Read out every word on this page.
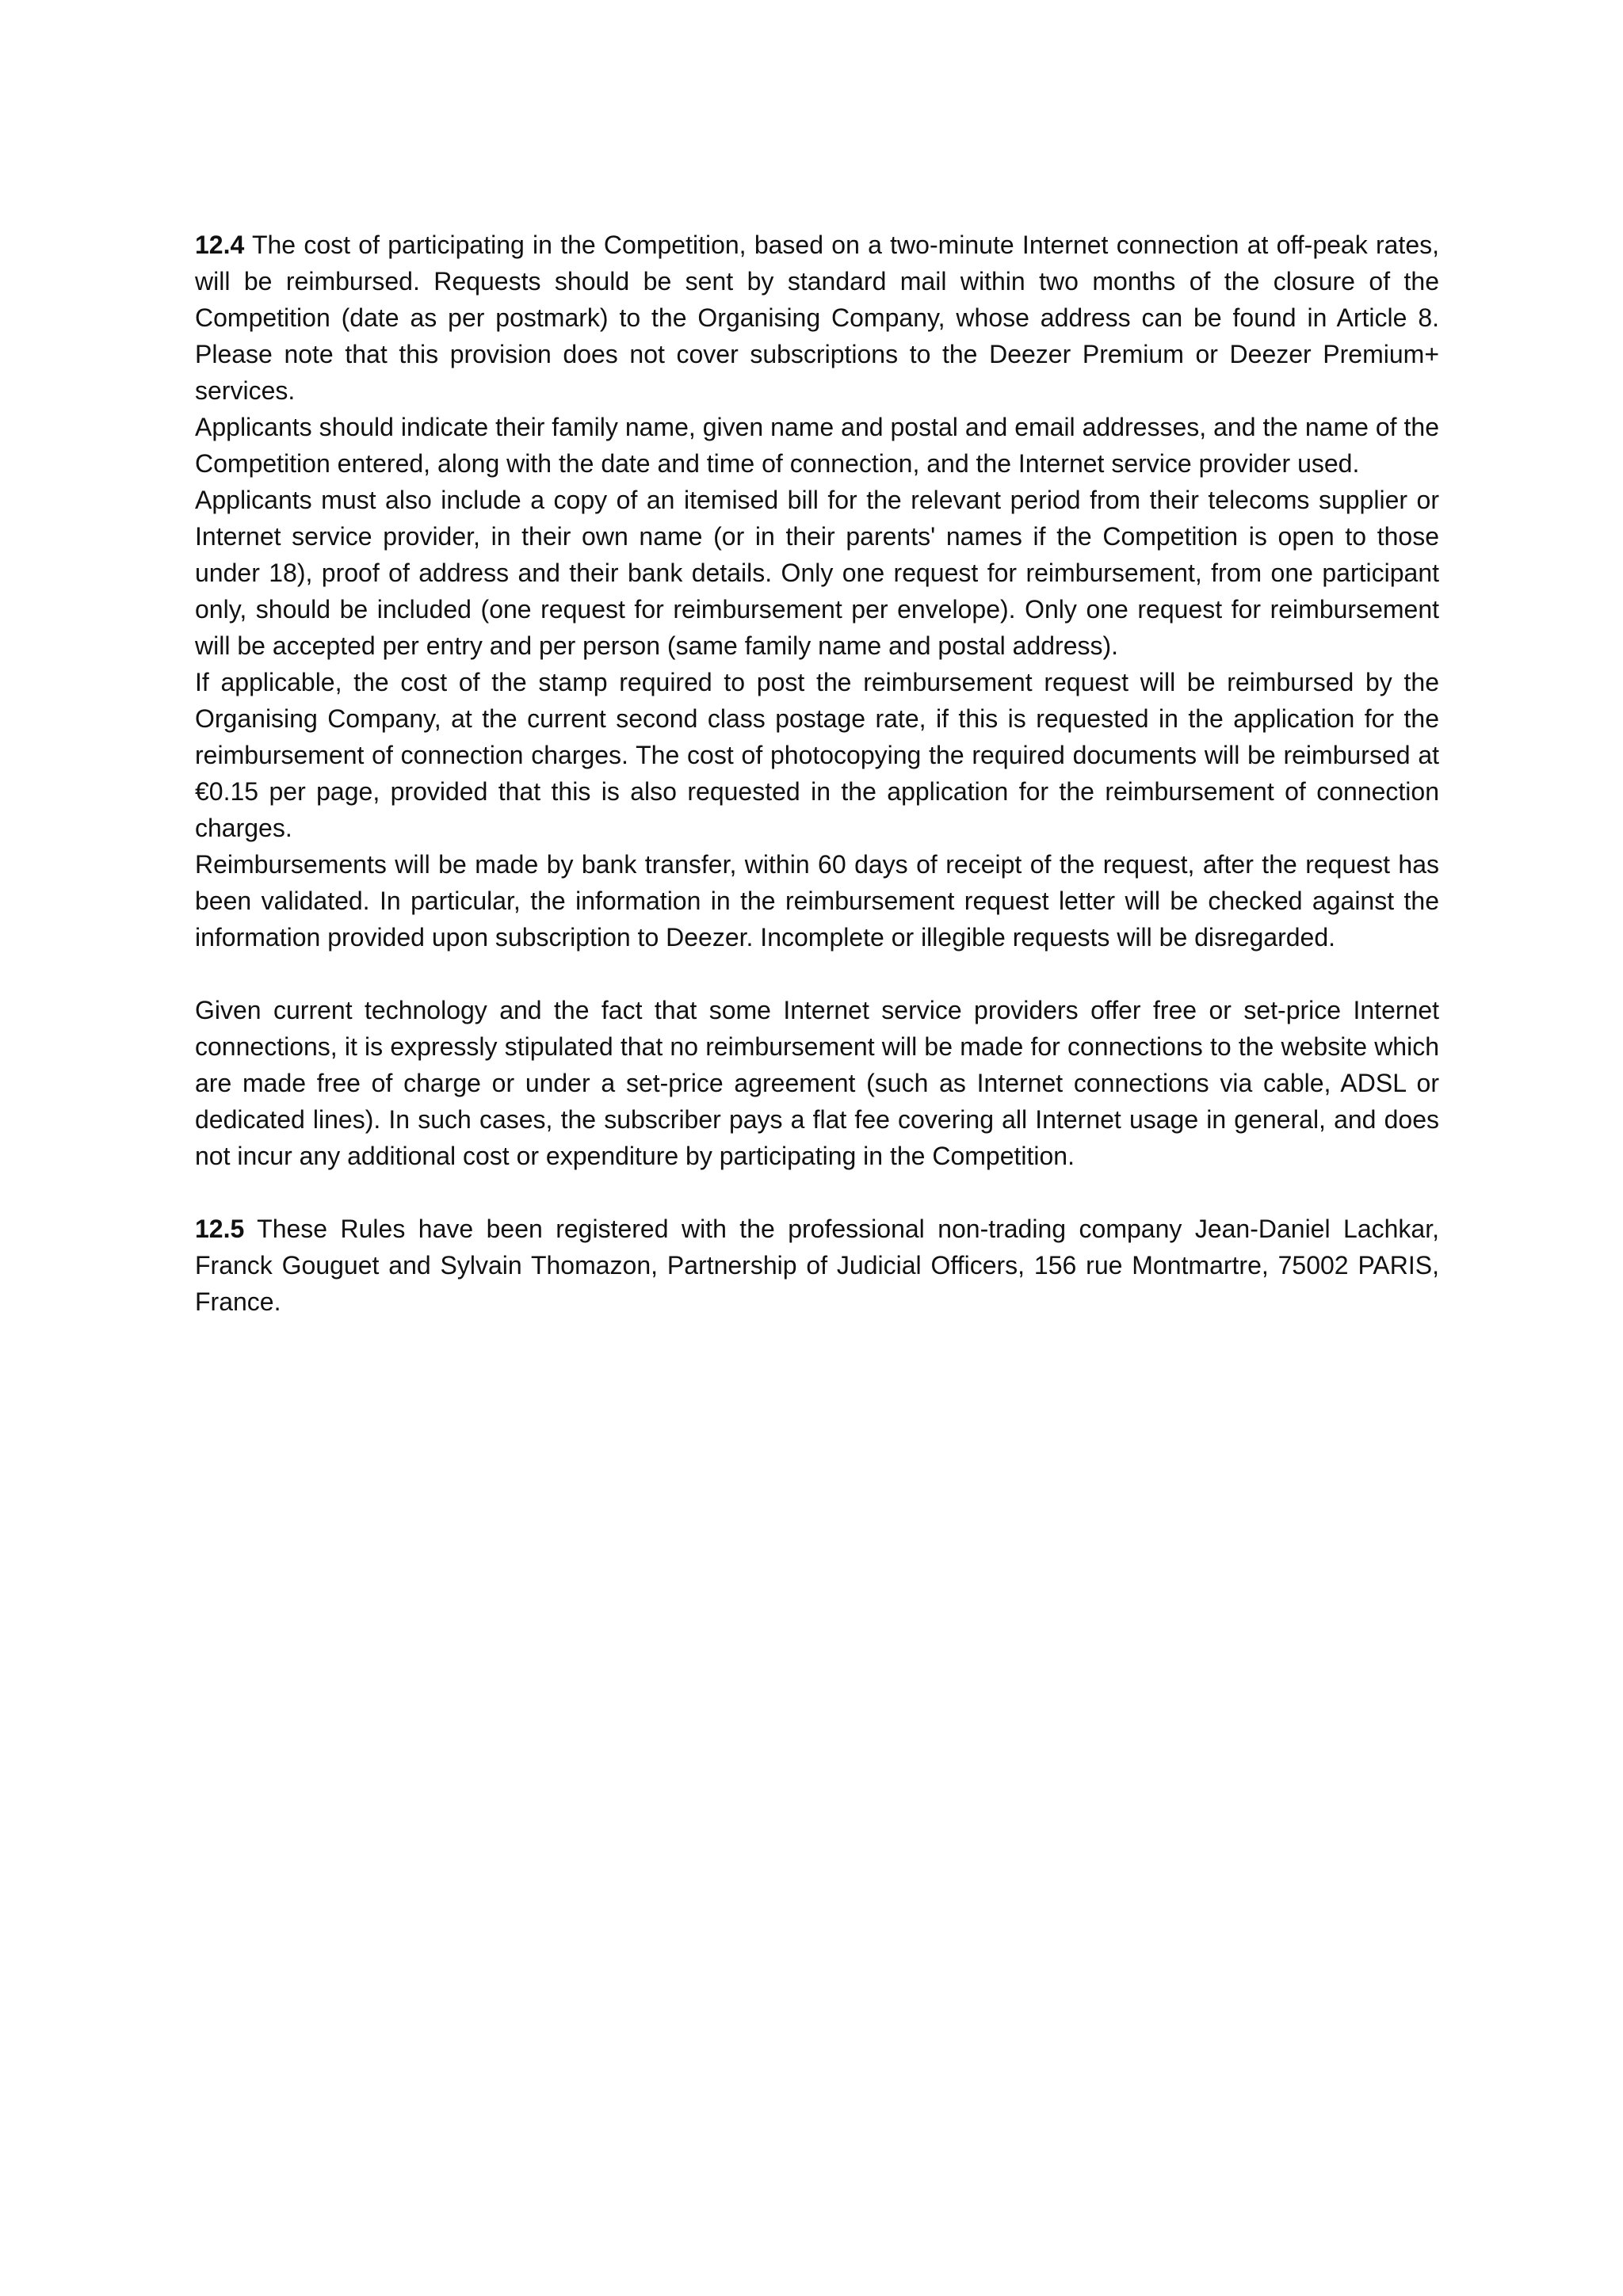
12.4 The cost of participating in the Competition, based on a two-minute Internet connection at off-peak rates, will be reimbursed. Requests should be sent by standard mail within two months of the closure of the Competition (date as per postmark) to the Organising Company, whose address can be found in Article 8. Please note that this provision does not cover subscriptions to the Deezer Premium or Deezer Premium+ services.

Applicants should indicate their family name, given name and postal and email addresses, and the name of the Competition entered, along with the date and time of connection, and the Internet service provider used.

Applicants must also include a copy of an itemised bill for the relevant period from their telecoms supplier or Internet service provider, in their own name (or in their parents' names if the Competition is open to those under 18), proof of address and their bank details. Only one request for reimbursement, from one participant only, should be included (one request for reimbursement per envelope). Only one request for reimbursement will be accepted per entry and per person (same family name and postal address).

If applicable, the cost of the stamp required to post the reimbursement request will be reimbursed by the Organising Company, at the current second class postage rate, if this is requested in the application for the reimbursement of connection charges. The cost of photocopying the required documents will be reimbursed at €0.15 per page, provided that this is also requested in the application for the reimbursement of connection charges.

Reimbursements will be made by bank transfer, within 60 days of receipt of the request, after the request has been validated. In particular, the information in the reimbursement request letter will be checked against the information provided upon subscription to Deezer. Incomplete or illegible requests will be disregarded.

Given current technology and the fact that some Internet service providers offer free or set-price Internet connections, it is expressly stipulated that no reimbursement will be made for connections to the website which are made free of charge or under a set-price agreement (such as Internet connections via cable, ADSL or dedicated lines). In such cases, the subscriber pays a flat fee covering all Internet usage in general, and does not incur any additional cost or expenditure by participating in the Competition.

12.5 These Rules have been registered with the professional non-trading company Jean-Daniel Lachkar, Franck Gouguet and Sylvain Thomazon, Partnership of Judicial Officers, 156 rue Montmartre, 75002 PARIS, France.
